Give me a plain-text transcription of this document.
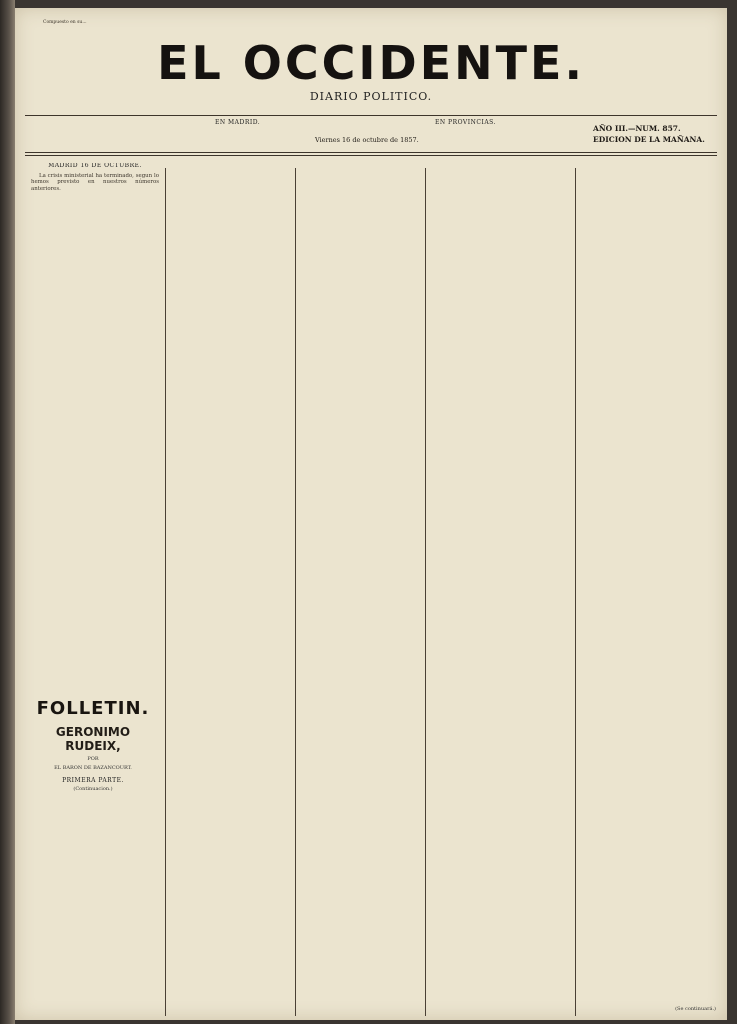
Compuesto en su...
EL OCCIDENTE.
DIARIO POLITICO.
EN MADRID.	EN PROVINCIAS.
AÑO III.—NUM. 857.
EDICION DE LA MAÑANA.
Viernes 16 de octubre de 1857.

MADRID 16 DE OCTUBRE.

La crisis ministerial ha terminado, segun lo hemos previsto en nuestros números anteriores.

FOLLETIN.
GERONIMO RUDEIX,
POR
EL BARON DE BAZANCOURT.
PRIMERA PARTE.
(Continuacion.)
(Se continuará.)
